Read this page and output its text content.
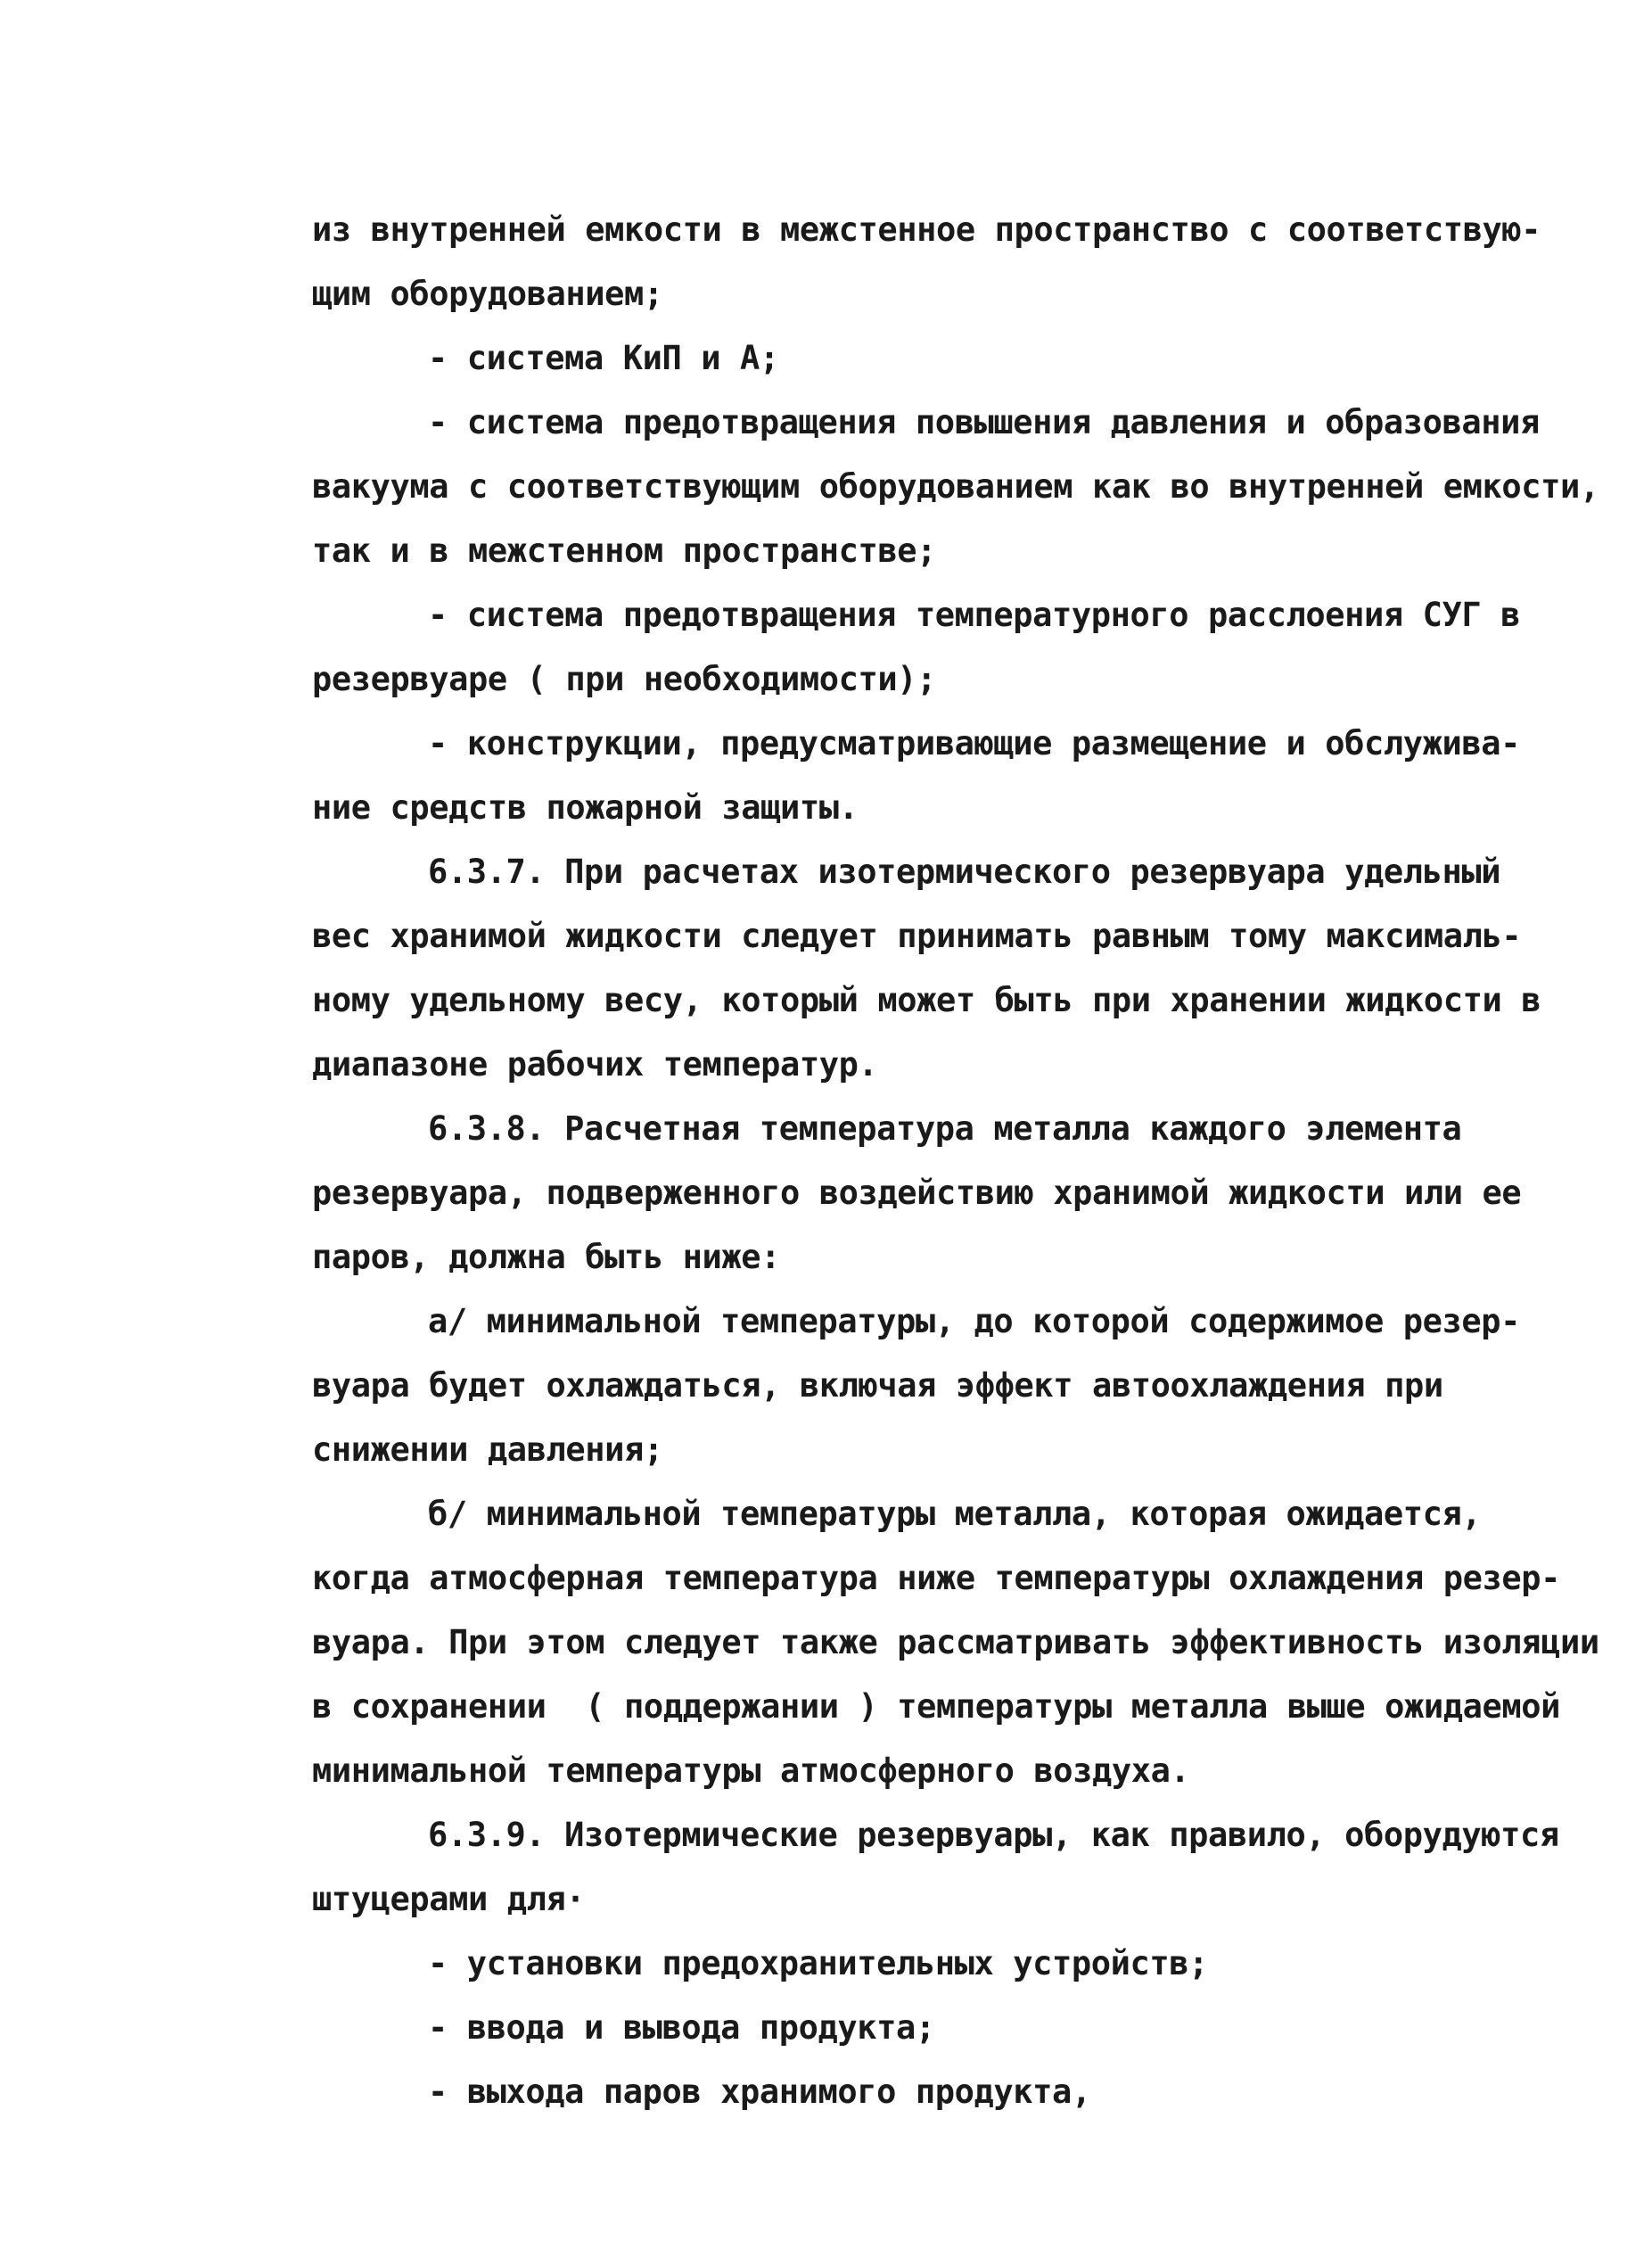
из внутренней емкости в межстенное пространство с соответствую-

щим оборудованием;

- система КиП и А;

- система предотвращения повышения давления и образования

вакуума с соответствующим оборудованием как во внутренней емкости,

так и в межстенном пространстве;

- система предотвращения температурного расслоения СУГ в

резервуаре ( при необходимости);

- конструкции, предусматривающие размещение и обслужива-

ние средств пожарной защиты.

6.3.7. При расчетах изотермического резервуара удельный

вес хранимой жидкости следует принимать равным тому максималь-

ному удельному весу, который может быть при хранении жидкости в

диапазоне рабочих температур.

6.3.8. Расчетная температура металла каждого элемента

резервуара, подверженного воздействию хранимой жидкости или ее

паров, должна быть ниже:

а/ минимальной температуры, до которой содержимое резер-

вуара будет охлаждаться, включая эффект автоохлаждения при

снижении давления;

б/ минимальной температуры металла, которая ожидается,

когда атмосферная температура ниже температуры охлаждения резер-

вуара. При этом следует также рассматривать эффективность изоляции

в сохранении  ( поддержании ) температуры металла выше ожидаемой

минимальной температуры атмосферного воздуха.

6.3.9. Изотермические резервуары, как правило, оборудуются

штуцерами для·

- установки предохранительных устройств;

- ввода и вывода продукта;

- выхода паров хранимого продукта,
